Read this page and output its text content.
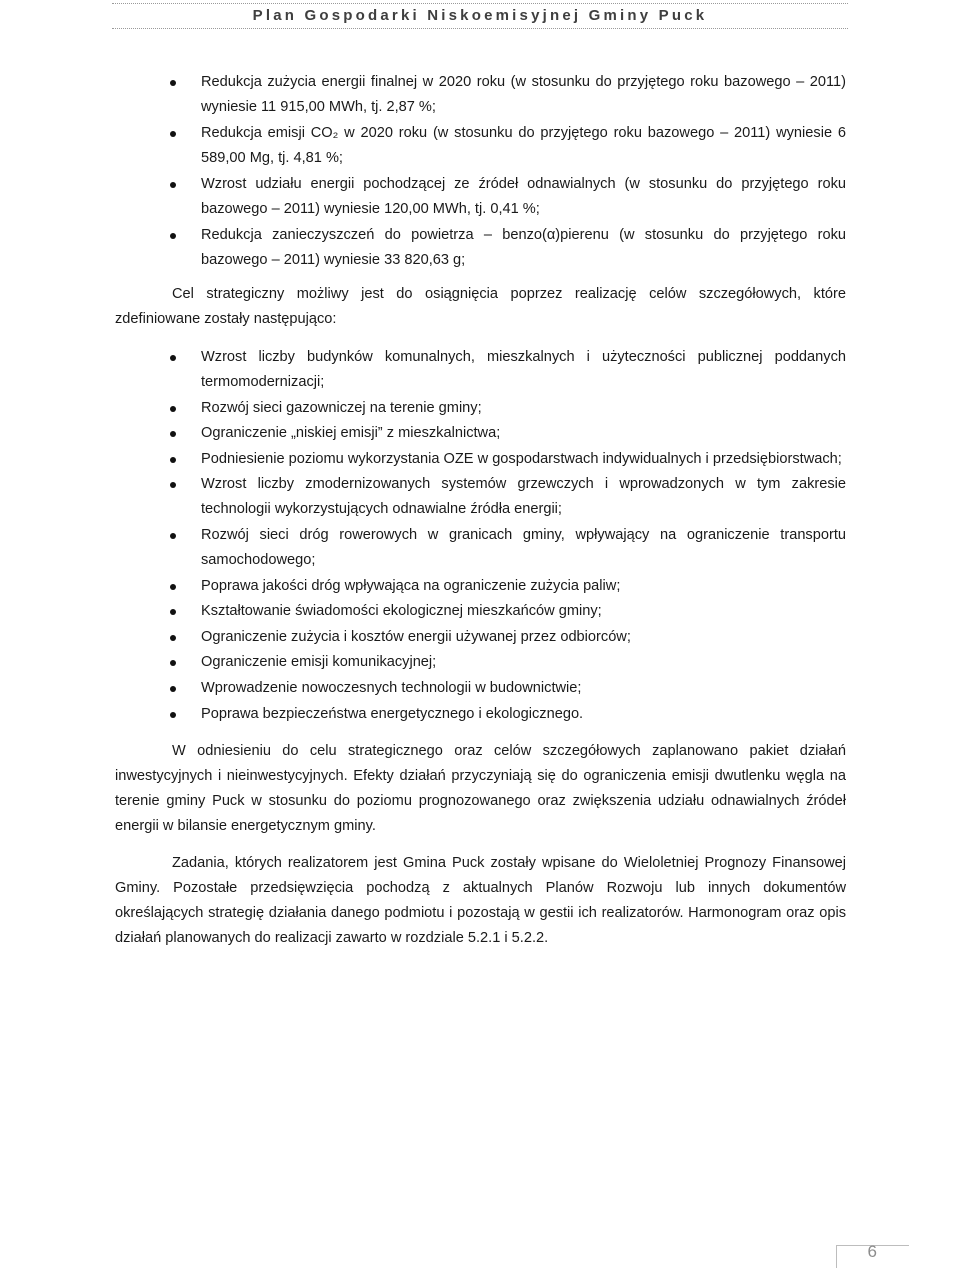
Plan Gospodarki Niskoemisyjnej Gminy Puck
Redukcja zużycia energii finalnej w 2020 roku (w stosunku do przyjętego roku bazowego – 2011) wyniesie 11 915,00 MWh, tj. 2,87 %;
Redukcja emisji CO₂ w 2020 roku (w stosunku do przyjętego roku bazowego – 2011) wyniesie 6 589,00 Mg, tj. 4,81 %;
Wzrost udziału energii pochodzącej ze źródeł odnawialnych (w stosunku do przyjętego roku bazowego – 2011) wyniesie 120,00 MWh, tj. 0,41 %;
Redukcja zanieczyszczeń do powietrza – benzo(α)pierenu (w stosunku do przyjętego roku bazowego – 2011) wyniesie 33 820,63 g;

Cel strategiczny możliwy jest do osiągnięcia poprzez realizację celów szczegółowych, które zdefiniowane zostały następująco:

Wzrost liczby budynków komunalnych, mieszkalnych i użyteczności publicznej poddanych termomodernizacji;
Rozwój sieci gazowniczej na terenie gminy;
Ograniczenie „niskiej emisji” z mieszkalnictwa;
Podniesienie poziomu wykorzystania OZE w gospodarstwach indywidualnych i przedsiębiorstwach;
Wzrost liczby zmodernizowanych systemów grzewczych i wprowadzonych w tym zakresie technologii wykorzystujących odnawialne źródła energii;
Rozwój sieci dróg rowerowych w granicach gminy, wpływający na ograniczenie transportu samochodowego;
Poprawa jakości dróg wpływająca na ograniczenie zużycia paliw;
Kształtowanie świadomości ekologicznej mieszkańców gminy;
Ograniczenie zużycia i kosztów energii używanej przez odbiorców;
Ograniczenie emisji komunikacyjnej;
Wprowadzenie nowoczesnych technologii w budownictwie;
Poprawa bezpieczeństwa energetycznego i ekologicznego.

W odniesieniu do celu strategicznego oraz celów szczegółowych zaplanowano pakiet działań inwestycyjnych i nieinwestycyjnych. Efekty działań przyczyniają się do ograniczenia emisji dwutlenku węgla na terenie gminy Puck w stosunku do poziomu prognozowanego oraz zwiększenia udziału odnawialnych źródeł energii w bilansie energetycznym gminy.

Zadania, których realizatorem jest Gmina Puck zostały wpisane do Wieloletniej Prognozy Finansowej Gminy. Pozostałe przedsięwzięcia pochodzą z aktualnych Planów Rozwoju lub innych dokumentów określających strategię działania danego podmiotu i pozostają w gestii ich realizatorów. Harmonogram oraz opis działań planowanych do realizacji zawarto w rozdziale 5.2.1 i 5.2.2.

6
